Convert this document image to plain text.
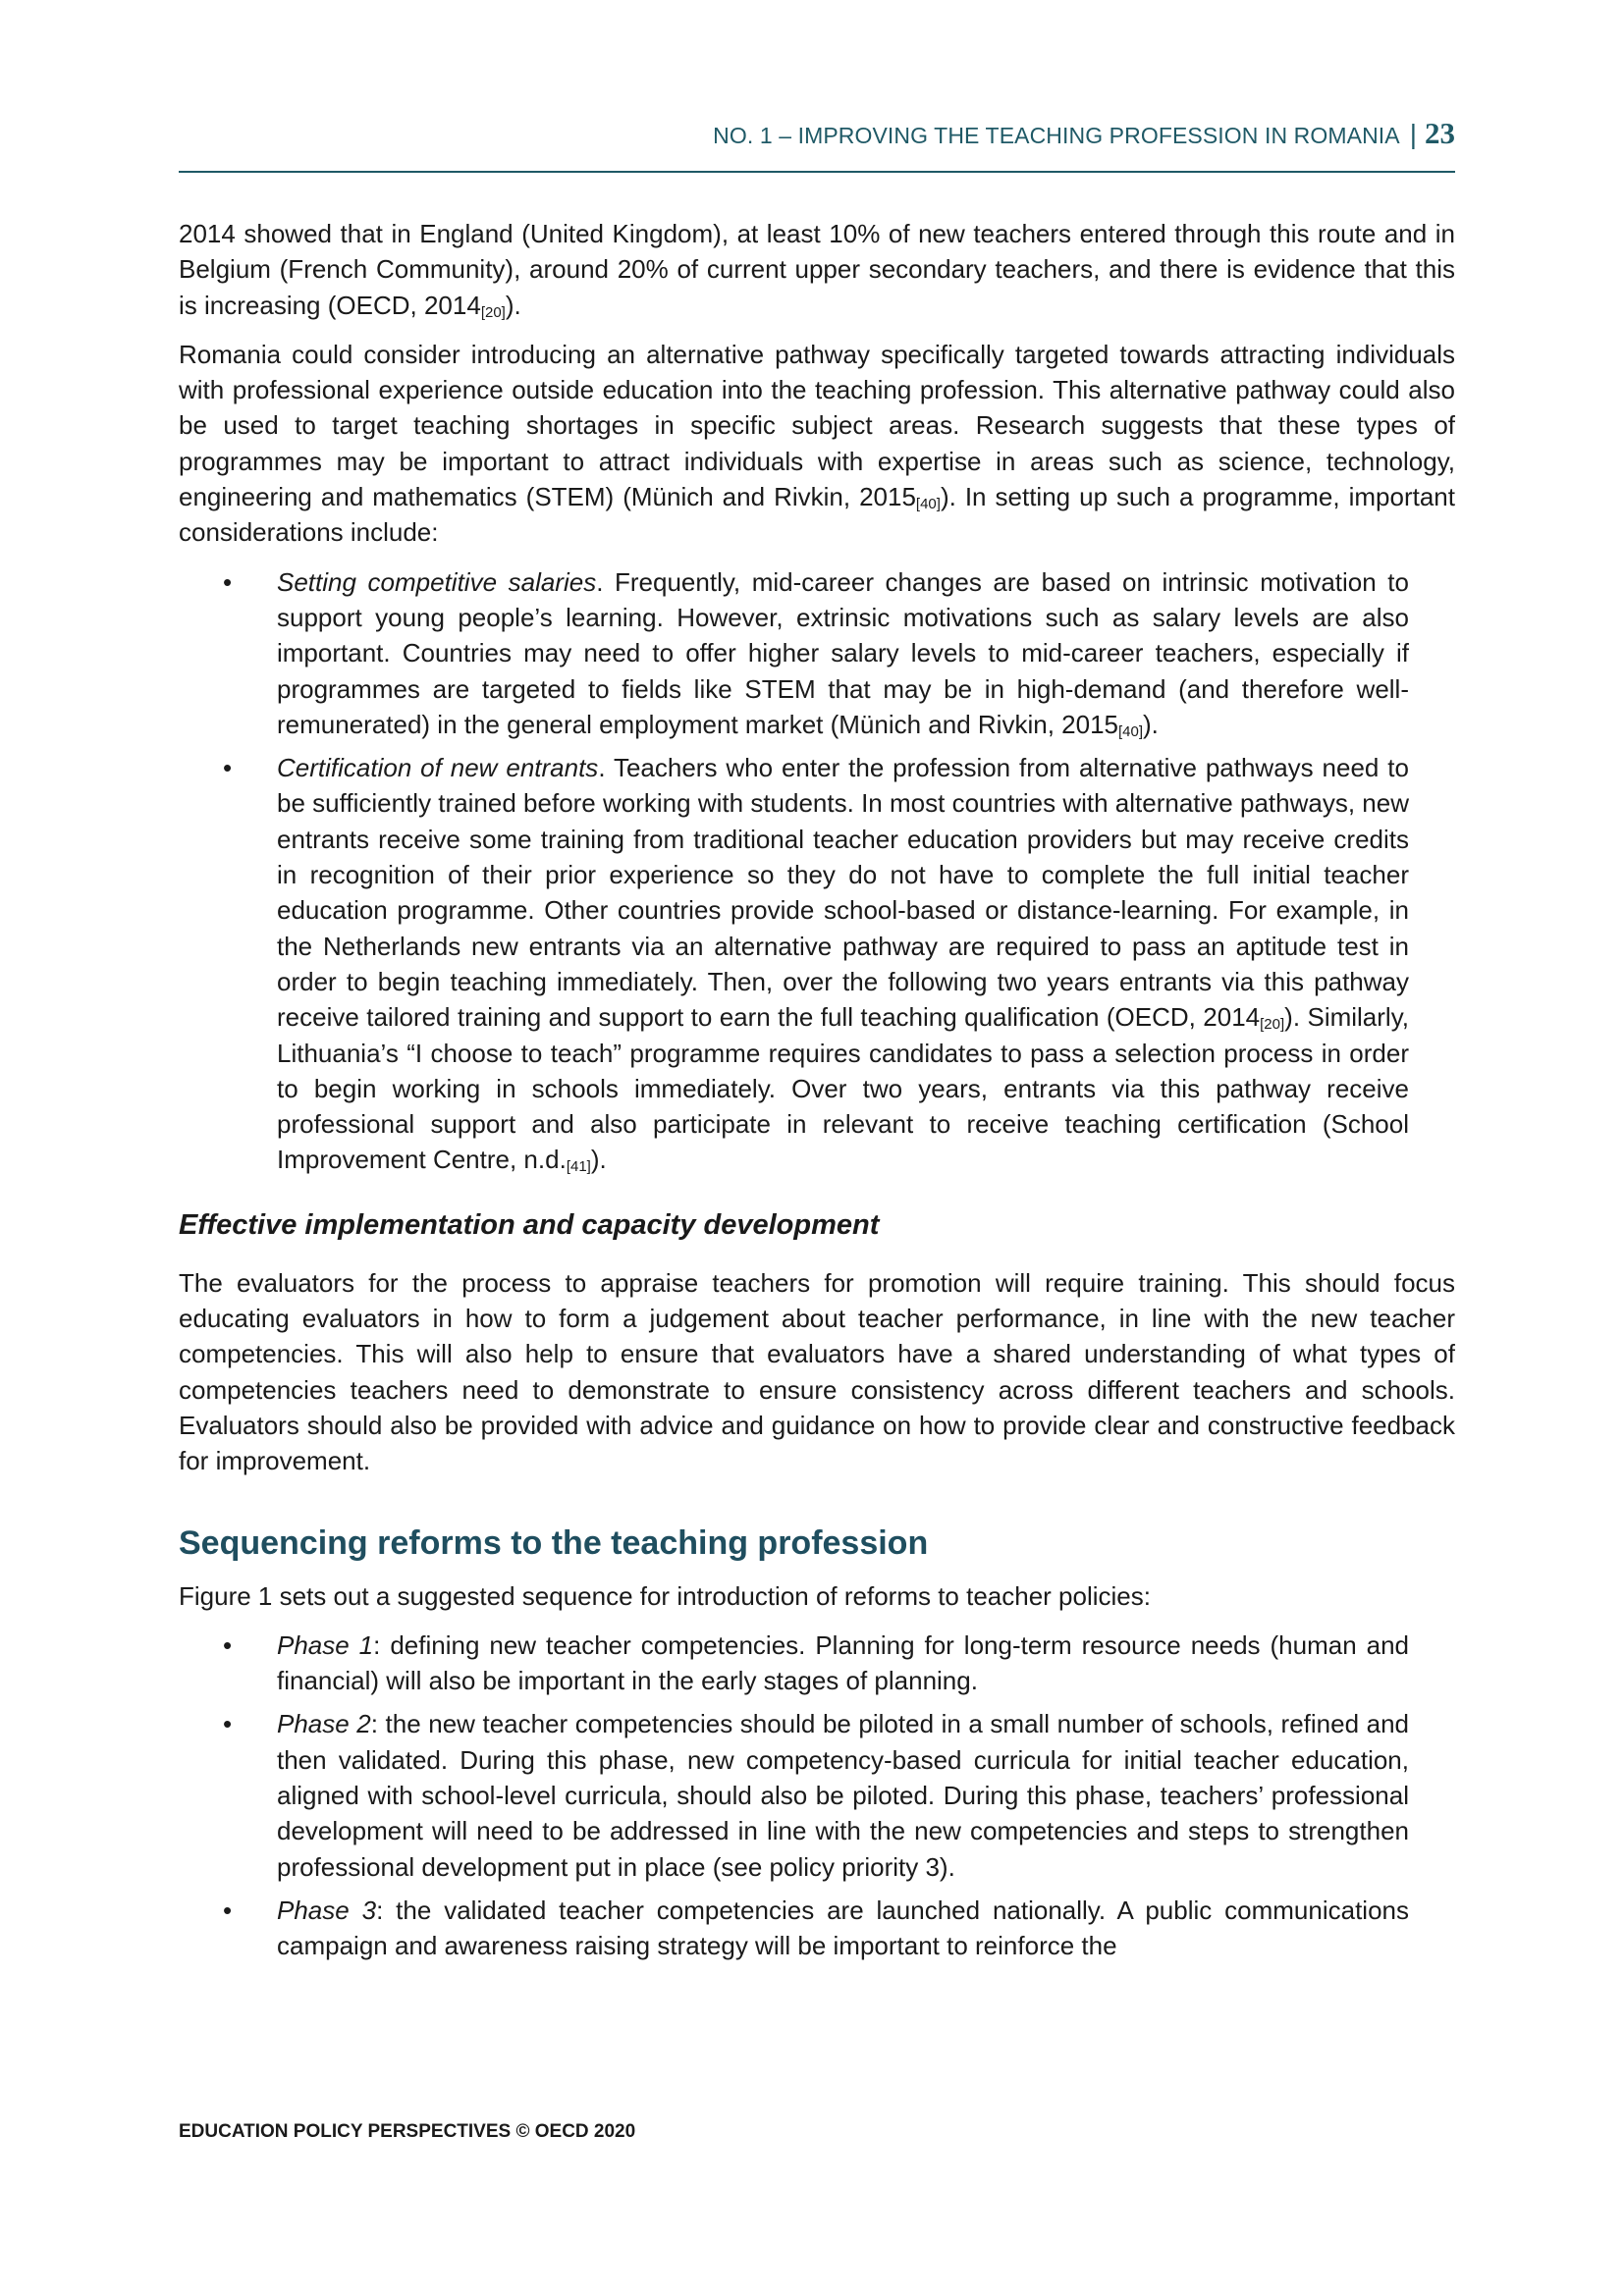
NO. 1 – IMPROVING THE TEACHING PROFESSION IN ROMANIA | 23

2014 showed that in England (United Kingdom), at least 10% of new teachers entered through this route and in Belgium (French Community), around 20% of current upper secondary teachers, and there is evidence that this is increasing (OECD, $2014_{[20]}$).

Romania could consider introducing an alternative pathway specifically targeted towards attracting individuals with professional experience outside education into the teaching profession. This alternative pathway could also be used to target teaching shortages in specific subject areas. Research suggests that these types of programmes may be important to attract individuals with expertise in areas such as science, technology, engineering and mathematics (STEM) (Münich and Rivkin, $2015_{[40]}$). In setting up such a programme, important considerations include:

• Setting competitive salaries. Frequently, mid-career changes are based on intrinsic motivation to support young people’s learning. However, extrinsic motivations such as salary levels are also important. Countries may need to offer higher salary levels to mid-career teachers, especially if programmes are targeted to fields like STEM that may be in high-demand (and therefore well-remunerated) in the general employment market (Münich and Rivkin, $2015_{[40]}$).
• Certification of new entrants. Teachers who enter the profession from alternative pathways need to be sufficiently trained before working with students. In most countries with alternative pathways, new entrants receive some training from traditional teacher education providers but may receive credits in recognition of their prior experience so they do not have to complete the full initial teacher education programme. Other countries provide school-based or distance-learning. For example, in the Netherlands new entrants via an alternative pathway are required to pass an aptitude test in order to begin teaching immediately. Then, over the following two years entrants via this pathway receive tailored training and support to earn the full teaching qualification (OECD, $2014_{[20]}$). Similarly, Lithuania’s “I choose to teach” programme requires candidates to pass a selection process in order to begin working in schools immediately. Over two years, entrants via this pathway receive professional support and also participate in relevant to receive teaching certification (School Improvement Centre, $n.d._{[41]}$).
Effective implementation and capacity development

The evaluators for the process to appraise teachers for promotion will require training. This should focus educating evaluators in how to form a judgement about teacher performance, in line with the new teacher competencies. This will also help to ensure that evaluators have a shared understanding of what types of competencies teachers need to demonstrate to ensure consistency across different teachers and schools. Evaluators should also be provided with advice and guidance on how to provide clear and constructive feedback for improvement.

Sequencing reforms to the teaching profession

Figure 1 sets out a suggested sequence for introduction of reforms to teacher policies:

• Phase 1: defining new teacher competencies. Planning for long-term resource needs (human and financial) will also be important in the early stages of planning.
• Phase 2: the new teacher competencies should be piloted in a small number of schools, refined and then validated. During this phase, new competency-based curricula for initial teacher education, aligned with school-level curricula, should also be piloted. During this phase, teachers’ professional development will need to be addressed in line with the new competencies and steps to strengthen professional development put in place (see policy priority 3).
• Phase 3: the validated teacher competencies are launched nationally. A public communications campaign and awareness raising strategy will be important to reinforce the
EDUCATION POLICY PERSPECTIVES © OECD 2020
